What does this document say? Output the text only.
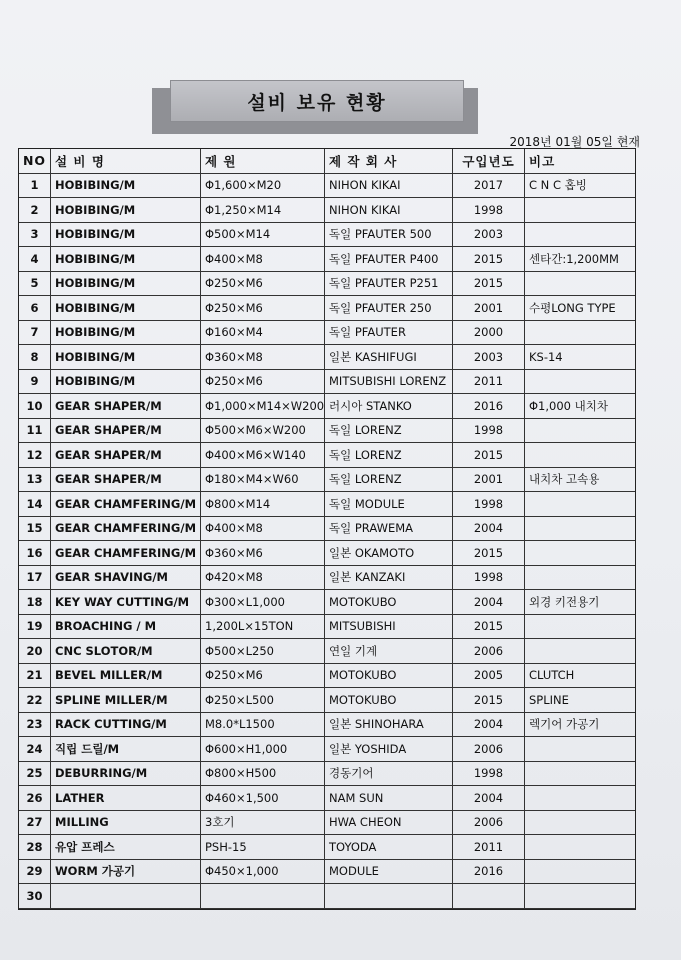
설비 보유 현황
2018년 01월 05일 현재
NO 설 비 명	제 원	제 작 회 사	구입년도	비고
1	HOBIBING/M	Φ1,600×M20	NIHON KIKAI	2017	C N C 홉빙
2	HOBIBING/M	Φ1,250×M14	NIHON KIKAI	1998
3	HOBIBING/M	Φ500×M14	독일 PFAUTER 500	2003
4	HOBIBING/M	Φ400×M8	독일 PFAUTER P400	2015	센타간:1,200MM
5	HOBIBING/M	Φ250×M6	독일 PFAUTER P251	2015
6	HOBIBING/M	Φ250×M6	독일 PFAUTER 250	2001	수평LONG TYPE
7	HOBIBING/M	Φ160×M4	독일 PFAUTER	2000
8	HOBIBING/M	Φ360×M8	일본 KASHIFUGI	2003	KS-14
9	HOBIBING/M	Φ250×M6	MITSUBISHI LORENZ	2011
10	GEAR SHAPER/M	Φ1,000×M14×W200 러시아 STANKO	2016	Φ1,000 내치차
11	GEAR SHAPER/M	Φ500×M6×W200	독일 LORENZ	1998
12	GEAR SHAPER/M	Φ400×M6×W140	독일 LORENZ	2015
13	GEAR SHAPER/M	Φ180×M4×W60	독일 LORENZ	2001	내치차 고속용
14	GEAR CHAMFERING/M Φ800×M14	독일 MODULE	1998
15	GEAR CHAMFERING/M Φ400×M8	독일 PRAWEMA	2004
16	GEAR CHAMFERING/M Φ360×M6	일본 OKAMOTO	2015
17	GEAR SHAVING/M	Φ420×M8	일본 KANZAKI	1998
18	KEY WAY CUTTING/M	Φ300×L1,000	MOTOKUBO	2004	외경 키전용기
19	BROACHING / M	1,200L×15TON	MITSUBISHI	2015
20	CNC SLOTOR/M	Φ500×L250	연일 기계	2006
21	BEVEL MILLER/M	Φ250×M6	MOTOKUBO	2005	CLUTCH
22	SPLINE MILLER/M	Φ250×L500	MOTOKUBO	2015	SPLINE
23	RACK CUTTING/M	M8.0*L1500	일본 SHINOHARA	2004	렉기어 가공기
24	직립 드릴/M	Φ600×H1,000	일본 YOSHIDA	2006
25	DEBURRING/M	Φ800×H500	경동기어	1998
26	LATHER	Φ460×1,500	NAM SUN	2004
27	MILLING	3호기	HWA CHEON	2006
28	유압 프레스	PSH-15	TOYODA	2011
29	WORM 가공기	Φ450×1,000	MODULE	2016
30
